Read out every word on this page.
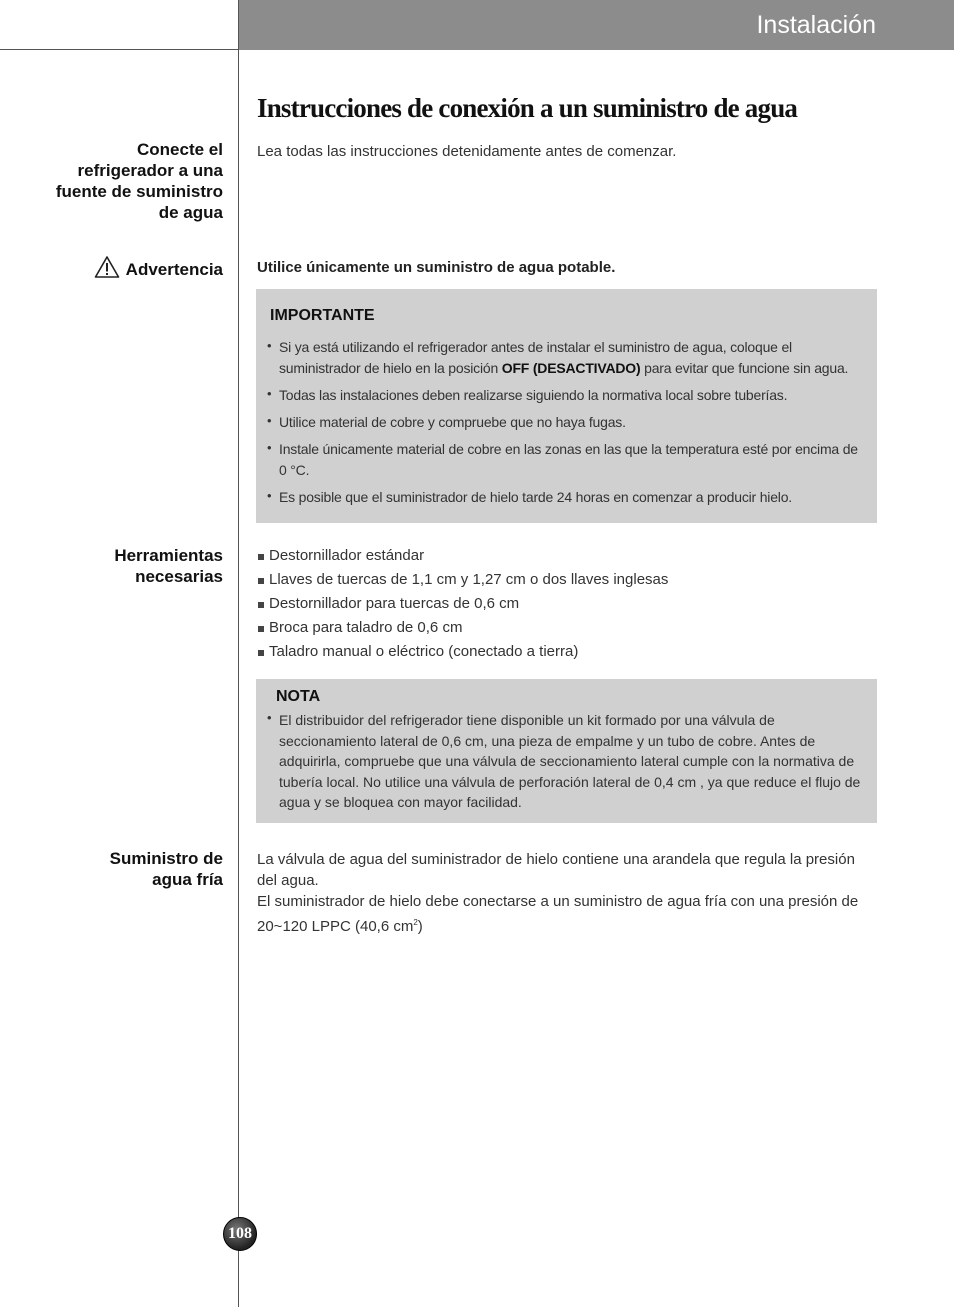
Instalación
Instrucciones de conexión a un suministro de agua
Conecte el
refrigerador a una
fuente de suministro
de agua
Lea todas las instrucciones detenidamente antes de comenzar.
Advertencia Utilice únicamente un suministro de agua potable.
IMPORTANTE
• Si ya está utilizando el refrigerador antes de instalar el suministro de agua, coloque el suministrador de hielo en la posición OFF (DESACTIVADO) para evitar que funcione sin agua.
• Todas las instalaciones deben realizarse siguiendo la normativa local sobre tuberías.
• Utilice material de cobre y compruebe que no haya fugas.
• Instale únicamente material de cobre en las zonas en las que la temperatura esté por encima de 0 °C.
• Es posible que el suministrador de hielo tarde 24 horas en comenzar a producir hielo.
Herramientas
necesarias
Destornillador estándar
Llaves de tuercas de 1,1 cm y 1,27 cm o dos llaves inglesas
Destornillador para tuercas de 0,6 cm
Broca para taladro de 0,6 cm
Taladro manual o eléctrico (conectado a tierra)
NOTA
• El distribuidor del refrigerador tiene disponible un kit formado por una válvula de seccionamiento lateral de 0,6 cm, una pieza de empalme y un tubo de cobre. Antes de adquirirla, compruebe que una válvula de seccionamiento lateral cumple con la normativa de tubería local. No utilice una válvula de perforación lateral de 0,4 cm , ya que reduce el flujo de agua y se bloquea con mayor facilidad.
Suministro de
agua fría
La válvula de agua del suministrador de hielo contiene una arandela que regula la presión del agua.
El suministrador de hielo debe conectarse a un suministro de agua fría con una presión de 20~120 LPPC (40,6 $cm^2$)
108
